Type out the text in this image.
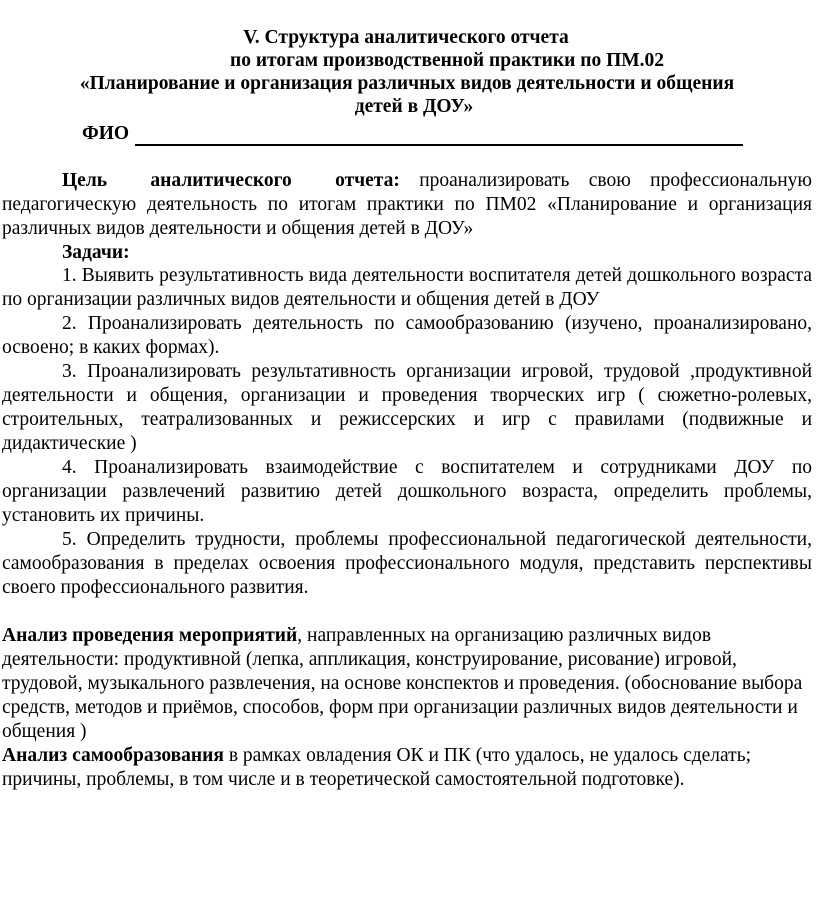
V. Структура аналитического отчета
по итогам производственной практики по ПМ.02
«Планирование и организация различных видов деятельности и общения
детей в ДОУ»
ФИО

Цель аналитического отчета: проанализировать свою профессиональную педагогическую деятельность по итогам практики по ПМ02 «Планирование и организация различных видов деятельности и общения детей в ДОУ»

Задачи:

1. Выявить результативность вида деятельности воспитателя детей дошкольного возраста по организации различных видов деятельности и общения детей в ДОУ

2. Проанализировать деятельность по самообразованию (изучено, проанализировано, освоено; в каких формах).

3. Проанализировать результативность организации игровой, трудовой ,продуктивной деятельности и общения, организации и проведения творческих игр ( сюжетно-ролевых, строительных, театрализованных и режиссерских и игр с правилами (подвижные и дидактические )

4. Проанализировать взаимодействие с воспитателем и сотрудниками ДОУ по организации развлечений развитию детей дошкольного возраста, определить проблемы, установить их причины.

5. Определить трудности, проблемы профессиональной педагогической деятельности, самообразования в пределах освоения профессионального модуля, представить перспективы своего профессионального развития.

Анализ проведения мероприятий, направленных на организацию различных видов деятельности: продуктивной (лепка, аппликация, конструирование, рисование) игровой, трудовой, музыкального развлечения, на основе конспектов и проведения. (обоснование выбора средств, методов и приёмов, способов, форм при организации различных видов деятельности и общения )

Анализ самообразования в рамках овладения ОК и ПК (что удалось, не удалось сделать; причины, проблемы, в том числе и в теоретической самостоятельной подготовке).
